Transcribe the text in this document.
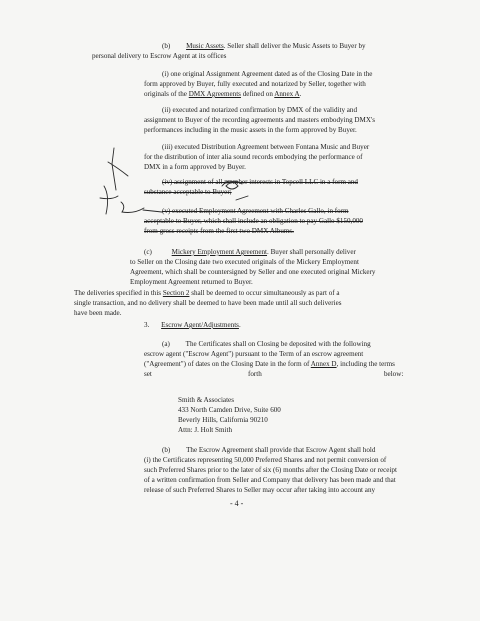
(b) Music Assets. Seller shall deliver the Music Assets to Buyer by
personal delivery to Escrow Agent at its offices
(i) one original Assignment Agreement dated as of the Closing Date in the
form approved by Buyer, fully executed and notarized by Seller, together with
originals of the DMX Agreements defined on Annex A.
(ii) executed and notarized confirmation by DMX of the validity and
assignment to Buyer of the recording agreements and masters embodying DMX's
performances including in the music assets in the form approved by Buyer.
(iii) executed Distribution Agreement between Fontana Music and Buyer
for the distribution of inter alia sound records embodying the performance of
DMX in a form approved by Buyer.
(iv) assignment of all member interests in Topcell LLC in a form and
substance acceptable to Buyer;
(v) executed Employment Agreement with Charles Gallo, in form
acceptable to Buyer, which shall include an obligation to pay Gallo $150,000
from gross receipts from the first two DMX Albums.
(c)	Mickery Employment Agreement. Buyer shall personally deliver
to Seller on the Closing date two executed originals of the Mickery Employment
Agreement, which shall be countersigned by Seller and one executed original Mickery
Employment Agreement returned to Buyer.
The deliveries specified in this Section 2 shall be deemed to occur simultaneously as part of a
single transaction, and no delivery shall be deemed to have been made until all such deliveries
have been made.
3. Escrow Agent/Adjustments.
(a) The Certificates shall on Closing be deposited with the following
escrow agent ("Escrow Agent") pursuant to the Term of an escrow agreement
("Agreement") of dates on the Closing Date in the form of Annex D, including the terms
set	forth	below:
Smith & Associates
433 North Camden Drive, Suite 600
Beverly Hills, California 90210
Attn: J. Holt Smith
(b) The Escrow Agreement shall provide that Escrow Agent shall hold
(i) the Certificates representing 50,000 Preferred Shares and not permit conversion of
such Preferred Shares prior to the later of six (6) months after the Closing Date or receipt
of a written confirmation from Seller and Company that delivery has been made and that
release of such Preferred Shares to Seller may occur after taking into account any
- 4 -
